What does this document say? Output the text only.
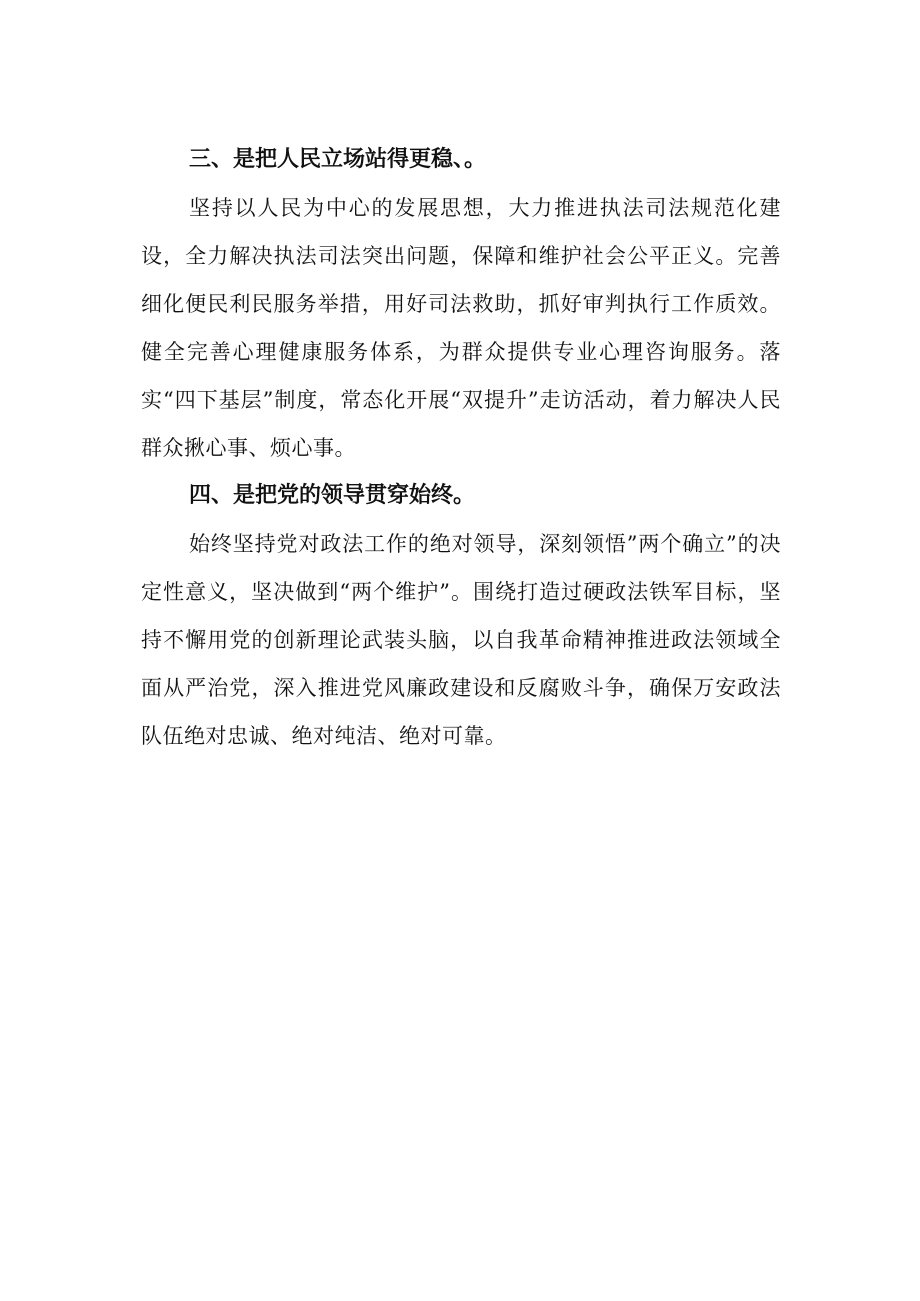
三、是把人民立场站得更稳、。

坚持以人民为中心的发展思想，大力推进执法司法规范化建设，全力解决执法司法突出问题，保障和维护社会公平正义。完善细化便民利民服务举措，用好司法救助，抓好审判执行工作质效。健全完善心理健康服务体系，为群众提供专业心理咨询服务。落实“四下基层”制度，常态化开展“双提升”走访活动，着力解决人民群众揪心事、烦心事。

四、是把党的领导贯穿始终。

始终坚持党对政法工作的绝对领导，深刻领悟”两个确立”的决定性意义，坚决做到“两个维护”。围绕打造过硬政法铁军目标，坚持不懈用党的创新理论武装头脑，以自我革命精神推进政法领域全面从严治党，深入推进党风廉政建设和反腐败斗争，确保万安政法队伍绝对忠诚、绝对纯洁、绝对可靠。
